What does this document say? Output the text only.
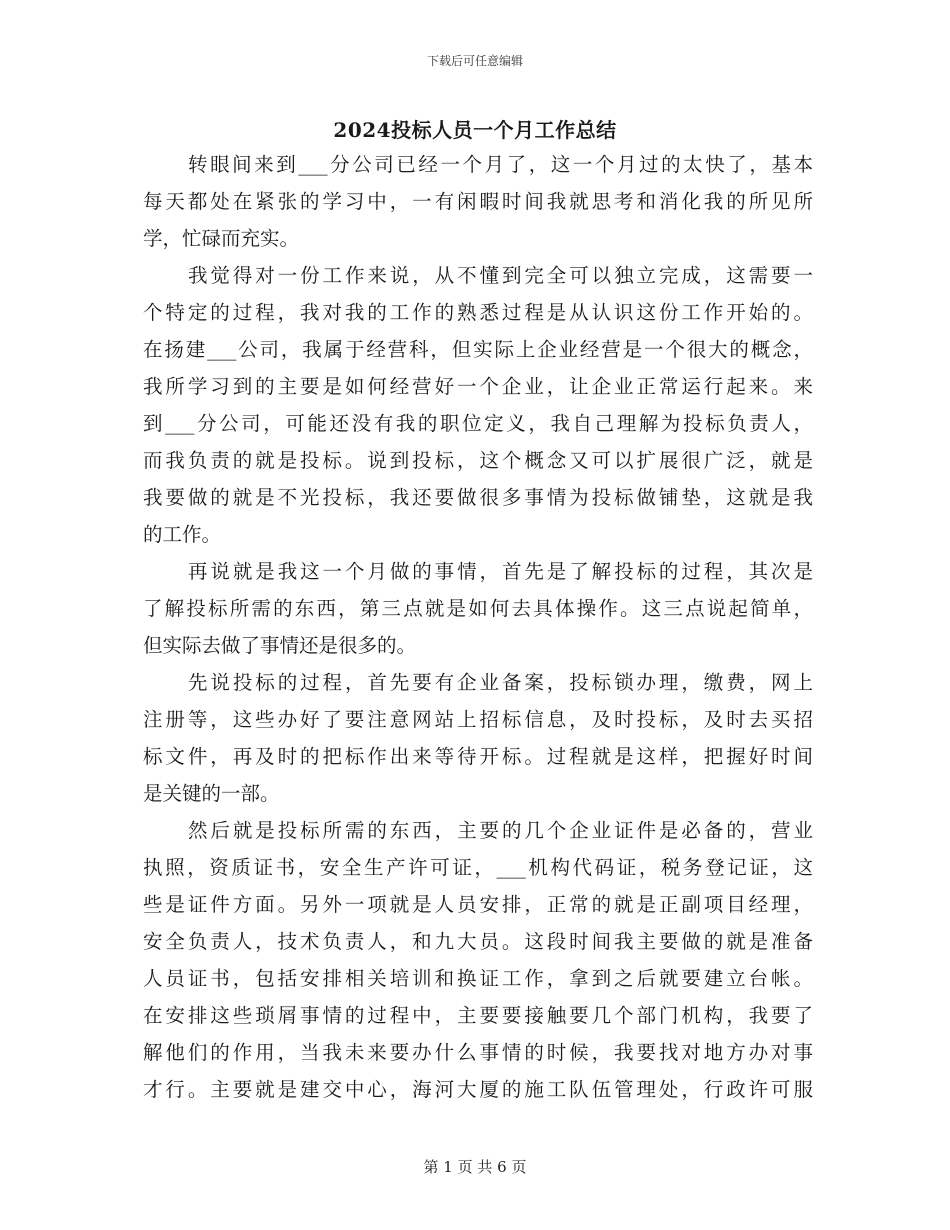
下载后可任意编辑
2024投标人员一个月工作总结
转眼间来到___分公司已经一个月了，这一个月过的太快了，基本
每天都处在紧张的学习中，一有闲暇时间我就思考和消化我的所见所
学，忙碌而充实。
我觉得对一份工作来说，从不懂到完全可以独立完成，这需要一
个特定的过程，我对我的工作的熟悉过程是从认识这份工作开始的。
在扬建___公司，我属于经营科，但实际上企业经营是一个很大的概念，
我所学习到的主要是如何经营好一个企业，让企业正常运行起来。来
到___分公司，可能还没有我的职位定义，我自己理解为投标负责人，
而我负责的就是投标。说到投标，这个概念又可以扩展很广泛，就是
我要做的就是不光投标，我还要做很多事情为投标做铺垫，这就是我
的工作。
再说就是我这一个月做的事情，首先是了解投标的过程，其次是
了解投标所需的东西，第三点就是如何去具体操作。这三点说起简单，
但实际去做了事情还是很多的。
先说投标的过程，首先要有企业备案，投标锁办理，缴费，网上
注册等，这些办好了要注意网站上招标信息，及时投标，及时去买招
标文件，再及时的把标作出来等待开标。过程就是这样，把握好时间
是关键的一部。
然后就是投标所需的东西，主要的几个企业证件是必备的，营业
执照，资质证书，安全生产许可证，___机构代码证，税务登记证，这
些是证件方面。另外一项就是人员安排，正常的就是正副项目经理，
安全负责人，技术负责人，和九大员。这段时间我主要做的就是准备
人员证书，包括安排相关培训和换证工作，拿到之后就要建立台帐。
在安排这些琐屑事情的过程中，主要要接触要几个部门机构，我要了
解他们的作用，当我未来要办什么事情的时候，我要找对地方办对事
才行。主要就是建交中心，海河大厦的施工队伍管理处，行政许可服
第 1 页 共 6 页
